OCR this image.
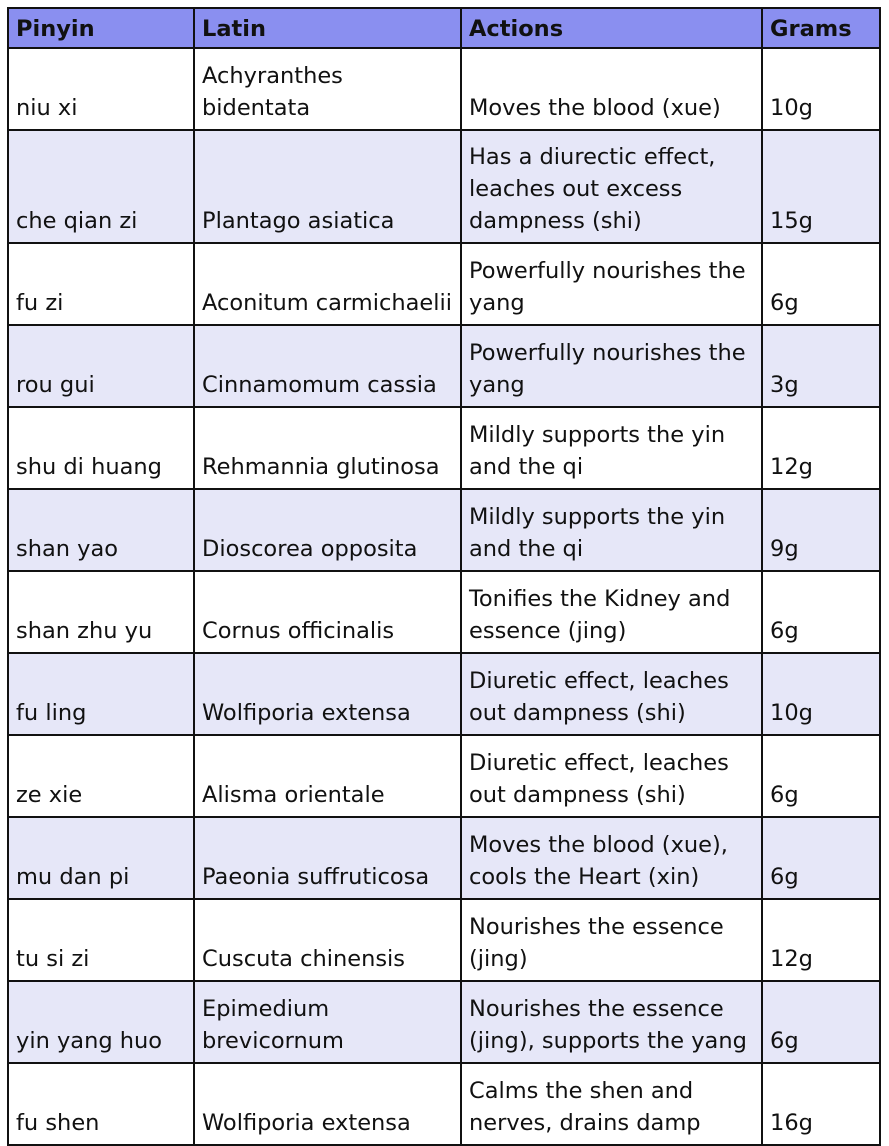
Pinyin	Latin	Actions	Grams
niu xi	Achyranthes bidentata	Moves the blood (xue)	10g
che qian zi	Plantago asiatica	Has a diurectic effect, leaches out excess dampness (shi)	15g
fu zi	Aconitum carmichaelii	Powerfully nourishes the yang	6g
rou gui	Cinnamomum cassia	Powerfully nourishes the yang	3g
shu di huang	Rehmannia glutinosa	Mildly supports the yin and the qi	12g
shan yao	Dioscorea opposita	Mildly supports the yin and the qi	9g
shan zhu yu	Cornus officinalis	Tonifies the Kidney and essence (jing)	6g
fu ling	Wolfiporia extensa	Diuretic effect, leaches out dampness (shi)	10g
ze xie	Alisma orientale	Diuretic effect, leaches out dampness (shi)	6g
mu dan pi	Paeonia suffruticosa	Moves the blood (xue), cools the Heart (xin)	6g
tu si zi	Cuscuta chinensis	Nourishes the essence (jing)	12g
yin yang huo	Epimedium brevicornum	Nourishes the essence (jing), supports the yang	6g
fu shen	Wolfiporia extensa	Calms the shen and nerves, drains damp	16g
